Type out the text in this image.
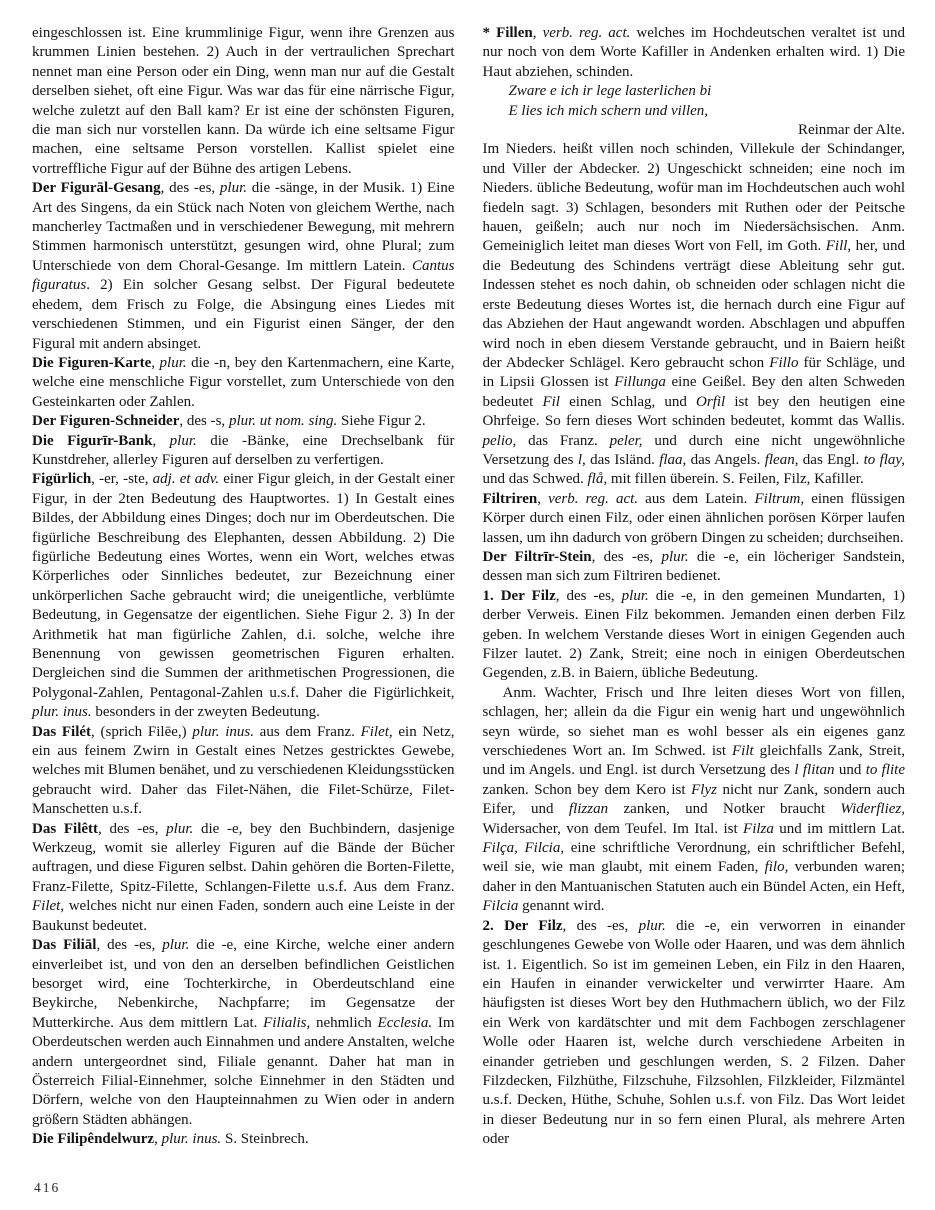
eingeschlossen ist. Eine krummlinige Figur, wenn ihre Grenzen aus krummen Linien bestehen. 2) Auch in der vertraulichen Sprechart nennet man eine Person oder ein Ding, wenn man nur auf die Gestalt derselben siehet, oft eine Figur. Was war das für eine närrische Figur, welche zuletzt auf den Ball kam? Er ist eine der schönsten Figuren, die man sich nur vorstellen kann. Da würde ich eine seltsame Figur machen, eine seltsame Person vorstellen. Kallist spielet eine vortreffliche Figur auf der Bühne des artigen Lebens.
Der Figurāl-Gesang, des -es, plur. die -sänge, in der Musik. 1) Eine Art des Singens, da ein Stück nach Noten von gleichem Werthe, nach mancherley Tactmaßen und in verschiedener Bewegung, mit mehrern Stimmen harmonisch unterstützt, gesungen wird, ohne Plural; zum Unterschiede von dem Choral-Gesange. Im mittlern Latein. Cantus figuratus. 2) Ein solcher Gesang selbst. Der Figural bedeutete ehedem, dem Frisch zu Folge, die Absingung eines Liedes mit verschiedenen Stimmen, und ein Figurist einen Sänger, der den Figural mit andern absinget.
Die Figuren-Karte, plur. die -n, bey den Kartenmachern, eine Karte, welche eine menschliche Figur vorstellet, zum Unterschiede von den Gesteinkarten oder Zahlen.
Der Figuren-Schneider, des -s, plur. ut nom. sing. Siehe Figur 2.
Die Figurīr-Bank, plur. die -Bänke, eine Drechselbank für Kunstdreher, allerley Figuren auf derselben zu verfertigen.
Figürlich, -er, -ste, adj. et adv. einer Figur gleich, in der Gestalt einer Figur, in der 2ten Bedeutung des Hauptwortes. 1) In Gestalt eines Bildes, der Abbildung eines Dinges; doch nur im Oberdeutschen. Die figürliche Beschreibung des Elephanten, dessen Abbildung. 2) Die figürliche Bedeutung eines Wortes, wenn ein Wort, welches etwas Körperliches oder Sinnliches bedeutet, zur Bezeichnung einer unkörperlichen Sache gebraucht wird; die uneigentliche, verblümte Bedeutung, in Gegensatze der eigentlichen. Siehe Figur 2. 3) In der Arithmetik hat man figürliche Zahlen, d.i. solche, welche ihre Benennung von gewissen geometrischen Figuren erhalten. Dergleichen sind die Summen der arithmetischen Progressionen, die Polygonal-Zahlen, Pentagonal-Zahlen u.s.f. Daher die Figürlichkeit, plur. inus. besonders in der zweyten Bedeutung.
Das Filét, (sprich Filēe,) plur. inus. aus dem Franz. Filet, ein Netz, ein aus feinem Zwirn in Gestalt eines Netzes gestricktes Gewebe, welches mit Blumen benähet, und zu verschiedenen Kleidungsstücken gebraucht wird. Daher das Filet-Nähen, die Filet-Schürze, Filet-Manschetten u.s.f.
Das Filêtt, des -es, plur. die -e, bey den Buchbindern, dasjenige Werkzeug, womit sie allerley Figuren auf die Bände der Bücher auftragen, und diese Figuren selbst. Dahin gehören die Borten-Filette, Franz-Filette, Spitz-Filette, Schlangen-Filette u.s.f. Aus dem Franz. Filet, welches nicht nur einen Faden, sondern auch eine Leiste in der Baukunst bedeutet.
Das Filiāl, des -es, plur. die -e, eine Kirche, welche einer andern einverleibet ist, und von den an derselben befindlichen Geistlichen besorget wird, eine Tochterkirche, in Oberdeutschland eine Beykirche, Nebenkirche, Nachpfarre; im Gegensatze der Mutterkirche. Aus dem mittlern Lat. Filialis, nehmlich Ecclesia. Im Oberdeutschen werden auch Einnahmen und andere Anstalten, welche andern untergeordnet sind, Filiale genannt. Daher hat man in Österreich Filial-Einnehmer, solche Einnehmer in den Städten und Dörfern, welche von den Haupteinnahmen zu Wien oder in andern größern Städten abhängen.
Die Filipêndelwurz, plur. inus. S. Steinbrech.
* Fillen, verb. reg. act. welches im Hochdeutschen veraltet ist und nur noch von dem Worte Kafiller in Andenken erhalten wird. 1) Die Haut abziehen, schinden.
Zware e ich ir lege lasterlichen bi
E lies ich mich schern und villen,
Reinmar der Alte.
Im Nieders. heißt villen noch schinden, Villekule der Schindanger, und Viller der Abdecker. 2) Ungeschickt schneiden; eine noch im Nieders. übliche Bedeutung, wofür man im Hochdeutschen auch wohl fiedeln sagt. 3) Schlagen, besonders mit Ruthen oder der Peitsche hauen, geißeln; auch nur noch im Niedersächsischen. Anm. Gemeiniglich leitet man dieses Wort von Fell, im Goth. Fill, her, und die Bedeutung des Schindens verträgt diese Ableitung sehr gut. Indessen stehet es noch dahin, ob schneiden oder schlagen nicht die erste Bedeutung dieses Wortes ist, die hernach durch eine Figur auf das Abziehen der Haut angewandt worden. Abschlagen und abpuffen wird noch in eben diesem Verstande gebraucht, und in Baiern heißt der Abdecker Schlägel. Kero gebraucht schon Fillo für Schläge, und in Lipsii Glossen ist Fillunga eine Geißel. Bey den alten Schweden bedeutet Fil einen Schlag, und Orfil ist bey den heutigen eine Ohrfeige. So fern dieses Wort schinden bedeutet, kommt das Wallis. pelio, das Franz. peler, und durch eine nicht ungewöhnliche Versetzung des l, das Isländ. flaa, das Angels. flean, das Engl. to flay, und das Schwed. flå, mit fillen überein. S. Feilen, Filz, Kafiller.
Filtriren, verb. reg. act. aus dem Latein. Filtrum, einen flüssigen Körper durch einen Filz, oder einen ähnlichen porösen Körper laufen lassen, um ihn dadurch von gröbern Dingen zu scheiden; durchseihen.
Der Filtrīr-Stein, des -es, plur. die -e, ein löcheriger Sandstein, dessen man sich zum Filtriren bedienet.
1. Der Filz, des -es, plur. die -e, in den gemeinen Mundarten, 1) derber Verweis. Einen Filz bekommen. Jemanden einen derben Filz geben. In welchem Verstande dieses Wort in einigen Gegenden auch Filzer lautet. 2) Zank, Streit; eine noch in einigen Oberdeutschen Gegenden, z.B. in Baiern, übliche Bedeutung.
Anm. Wachter, Frisch und Ihre leiten dieses Wort von fillen, schlagen, her; allein da die Figur ein wenig hart und ungewöhnlich seyn würde, so siehet man es wohl besser als ein eigenes ganz verschiedenes Wort an. Im Schwed. ist Filt gleichfalls Zank, Streit, und im Angels. und Engl. ist durch Versetzung des l flitan und to flite zanken. Schon bey dem Kero ist Flyz nicht nur Zank, sondern auch Eifer, und flizzan zanken, und Notker braucht Widerfliez, Widersacher, von dem Teufel. Im Ital. ist Filza und im mittlern Lat. Filça, Filcia, eine schriftliche Verordnung, ein schriftlicher Befehl, weil sie, wie man glaubt, mit einem Faden, filo, verbunden waren; daher in den Mantuanischen Statuten auch ein Bündel Acten, ein Heft, Filcia genannt wird.
2. Der Filz, des -es, plur. die -e, ein verworren in einander geschlungenes Gewebe von Wolle oder Haaren, und was dem ähnlich ist. 1. Eigentlich. So ist im gemeinen Leben, ein Filz in den Haaren, ein Haufen in einander verwickelter und verwirrter Haare. Am häufigsten ist dieses Wort bey den Huthmachern üblich, wo der Filz ein Werk von kardätschter und mit dem Fachbogen zerschlagener Wolle oder Haaren ist, welche durch verschiedene Arbeiten in einander getrieben und geschlungen werden, S. 2 Filzen. Daher Filzdecken, Filzhüthe, Filzschuhe, Filzsohlen, Filzkleider, Filzmäntel u.s.f. Decken, Hüthe, Schuhe, Sohlen u.s.f. von Filz. Das Wort leidet in dieser Bedeutung nur in so fern einen Plural, als mehrere Arten oder
416
